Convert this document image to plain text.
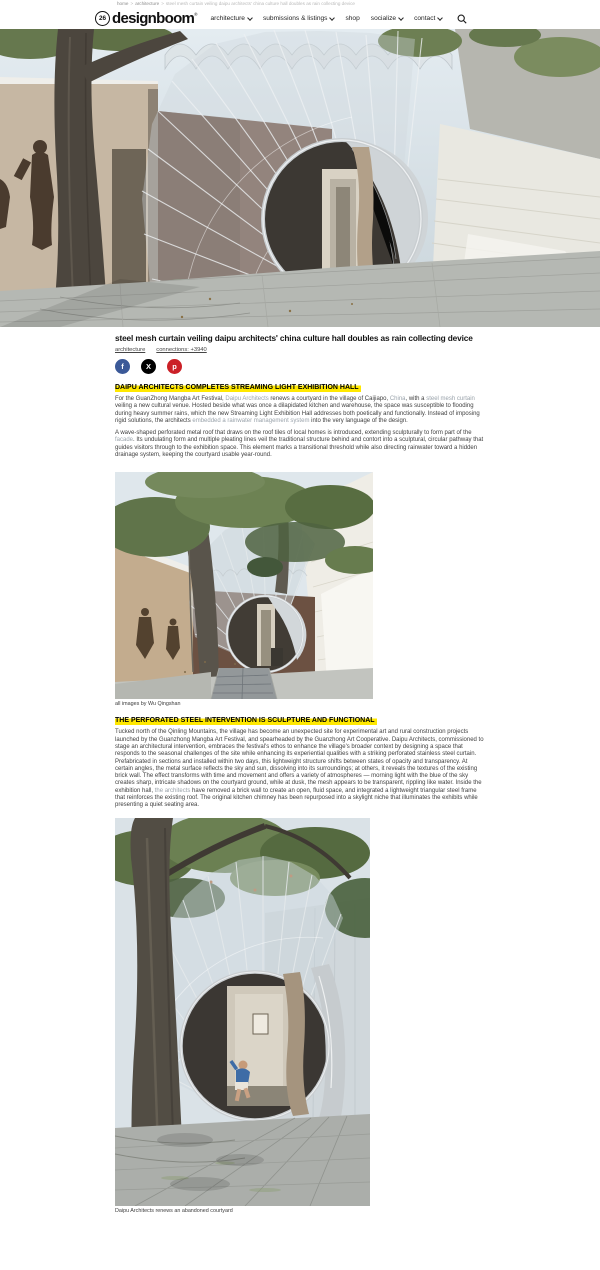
home > architecture > steel mesh curtain veiling daipu architects' china culture hall doubles as rain collecting device
26 designboom ®
architecture	submissions & listings	shop socialize	contact
steel mesh curtain veiling daipu architects' china culture hall doubles as rain collecting device
architecture connections: +3940
f	X	p
DAIPU ARCHITECTS COMPLETES STREAMING LIGHT EXHIBITION HALL

For the GuanZhong Mangba Art Festival, Daipu Architects renews a courtyard in the village of Caijiapo, China, with a steel mesh curtain veiling a new cultural venue. Hosted beside what was once a dilapidated kitchen and warehouse, the space was susceptible to flooding during heavy summer rains, which the new Streaming Light Exhibition Hall addresses both poetically and functionally. Instead of imposing rigid solutions, the architects embedded a rainwater management system into the very language of the design.

A wave-shaped perforated metal roof that draws on the roof tiles of local homes is introduced, extending sculpturally to form part of the facade. Its undulating form and multiple pleating lines veil the traditional structure behind and contort into a sculptural, circular pathway that guides visitors through to the exhibition space. This element marks a transitional threshold while also directing rainwater toward a hidden drainage system, keeping the courtyard usable year-round.

all images by Wu Qingshan
THE PERFORATED STEEL INTERVENTION IS SCULPTURE AND FUNCTIONAL

Tucked north of the Qinling Mountains, the village has become an unexpected site for experimental art and rural construction projects launched by the Guanzhong Mangba Art Festival, and spearheaded by the Guanzhong Art Cooperative. Daipu Architects, commissioned to stage an architectural intervention, embraces the festival's ethos to enhance the village's broader context by designing a space that responds to the seasonal challenges of the site while enhancing its experiential qualities with a striking perforated stainless steel curtain.

Prefabricated in sections and installed within two days, this lightweight structure shifts between states of opacity and transparency. At certain angles, the metal surface reflects the sky and sun, dissolving into its surroundings; at others, it reveals the textures of the existing brick wall. The effect transforms with time and movement and offers a variety of atmospheres — morning light with the blue of the sky creates sharp, intricate shadows on the courtyard ground, while at dusk, the mesh appears to be transparent, rippling like water. Inside the exhibition hall, the architects have removed a brick wall to create an open, fluid space, and integrated a lightweight triangular steel frame that reinforces the existing roof. The original kitchen chimney has been repurposed into a skylight niche that illuminates the exhibits while presenting a quiet seating area.

Daipu Architects renews an abandoned courtyard
